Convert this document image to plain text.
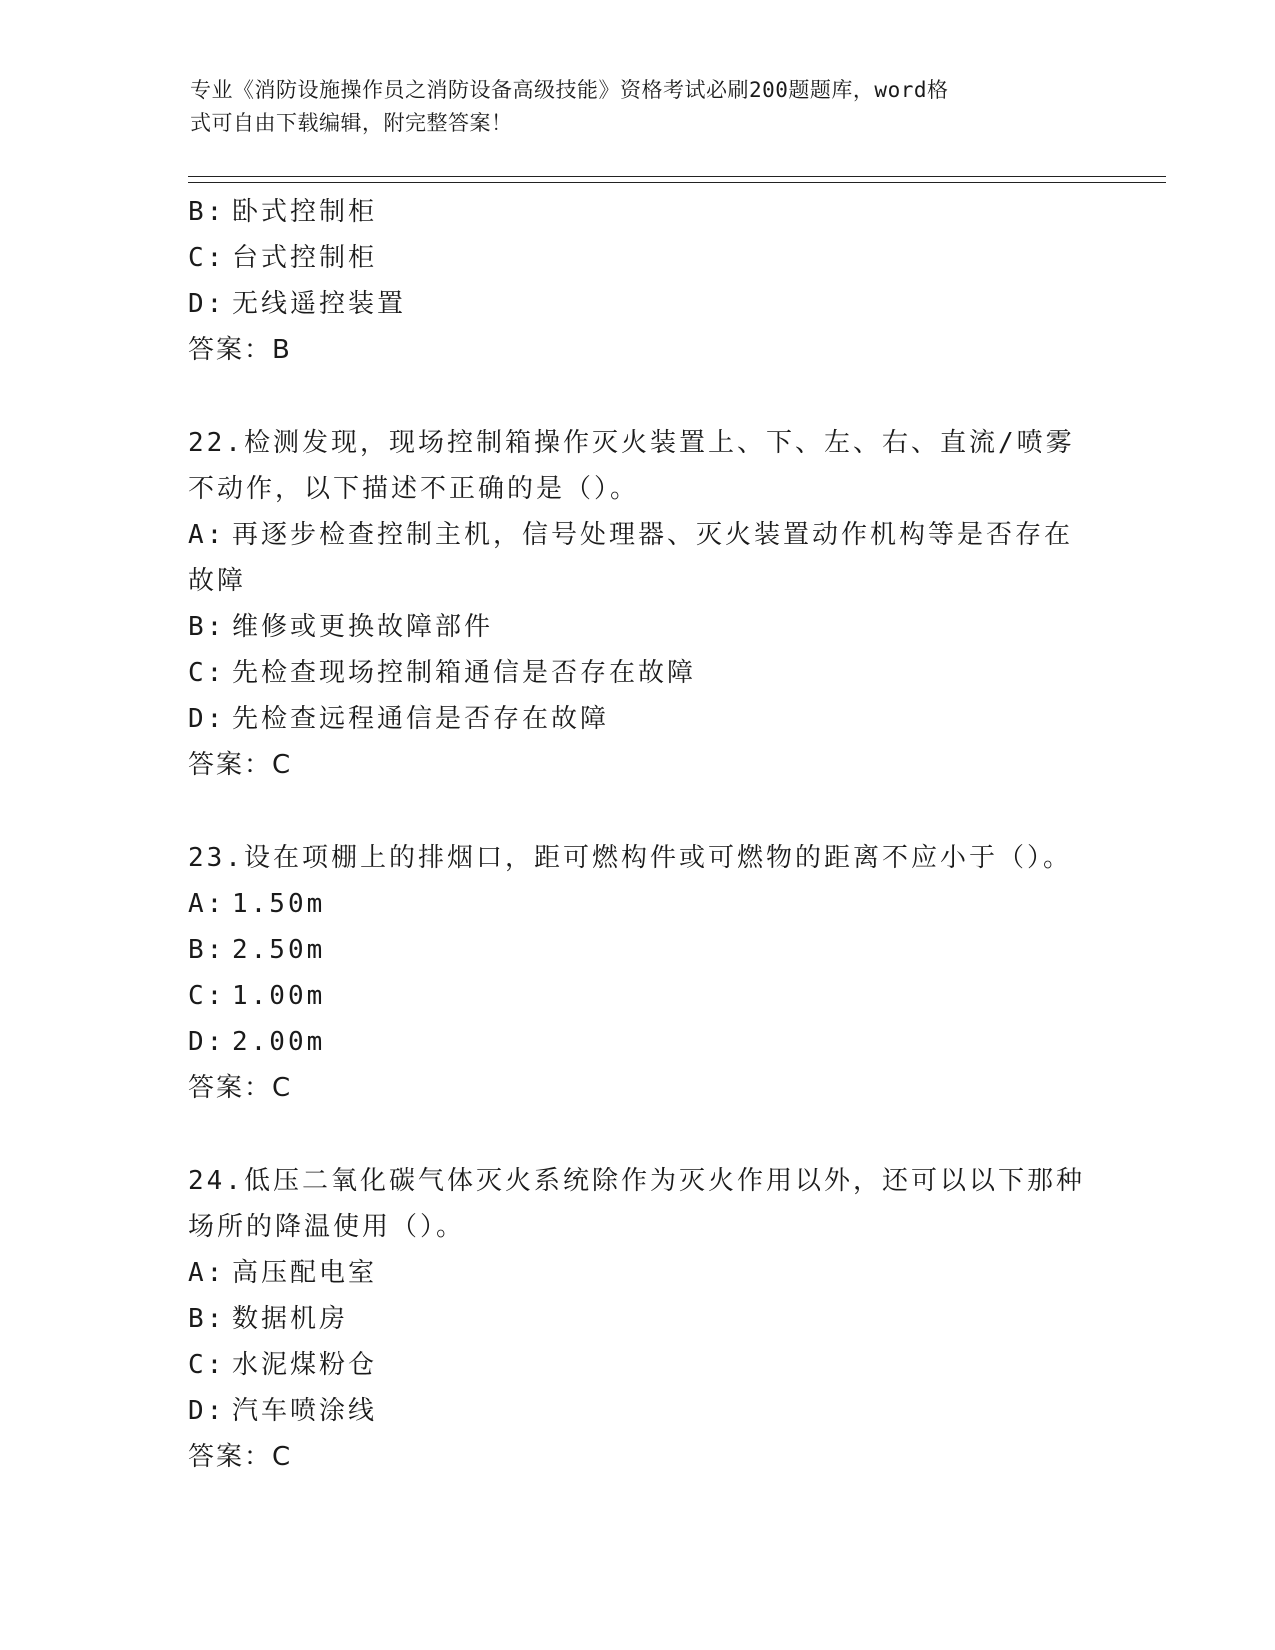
专业《消防设施操作员之消防设备高级技能》资格考试必刷200题题库，word格
式可自由下载编辑，附完整答案！
B: 卧式控制柜
C: 台式控制柜
D: 无线遥控装置
答案：B
22.检测发现，现场控制箱操作灭火装置上、下、左、右、直流/喷雾
不动作，以下描述不正确的是（）。
A: 再逐步检查控制主机，信号处理器、灭火装置动作机构等是否存在
故障
B: 维修或更换故障部件
C: 先检查现场控制箱通信是否存在故障
D: 先检查远程通信是否存在故障
答案：C
23.设在项棚上的排烟口，距可燃构件或可燃物的距离不应小于（）。
A: 1.50m
B: 2.50m
C: 1.00m
D: 2.00m
答案：C
24.低压二氧化碳气体灭火系统除作为灭火作用以外，还可以以下那种
场所的降温使用（）。
A: 高压配电室
B: 数据机房
C: 水泥煤粉仓
D: 汽车喷涂线
答案：C
